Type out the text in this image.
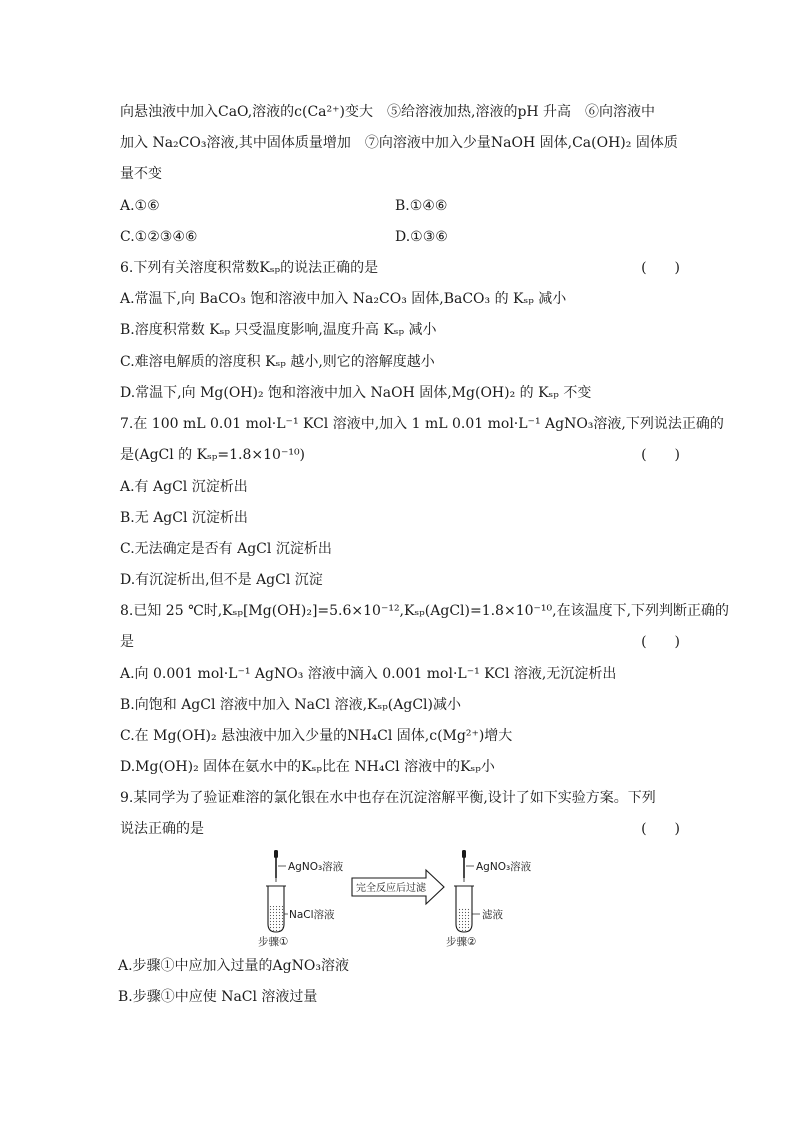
向悬浊液中加入CaO,溶液的c(Ca²⁺)变大　⑤给溶液加热,溶液的pH 升高　⑥向溶液中
加入 Na₂CO₃溶液,其中固体质量增加　⑦向溶液中加入少量NaOH 固体,Ca(OH)₂ 固体质
量不变
A.①⑥	B.①④⑥
C.①②③④⑥	D.①③⑥
6.下列有关溶度积常数Kₛₚ的说法正确的是	(　　)
A.常温下,向 BaCO₃ 饱和溶液中加入 Na₂CO₃ 固体,BaCO₃ 的 Kₛₚ 减小
B.溶度积常数 Kₛₚ 只受温度影响,温度升高 Kₛₚ 减小
C.难溶电解质的溶度积 Kₛₚ 越小,则它的溶解度越小
D.常温下,向 Mg(OH)₂ 饱和溶液中加入 NaOH 固体,Mg(OH)₂ 的 Kₛₚ 不变
7.在 100 mL 0.01 mol·L⁻¹ KCl 溶液中,加入 1 mL 0.01 mol·L⁻¹ AgNO₃溶液,下列说法正确的
是(AgCl 的 Kₛₚ=1.8×10⁻¹⁰)	(　　)
A.有 AgCl 沉淀析出
B.无 AgCl 沉淀析出
C.无法确定是否有 AgCl 沉淀析出
D.有沉淀析出,但不是 AgCl 沉淀
8.已知 25 ℃时,Kₛₚ[Mg(OH)₂]=5.6×10⁻¹²,Kₛₚ(AgCl)=1.8×10⁻¹⁰,在该温度下,下列判断正确的
是	(　　)
A.向 0.001 mol·L⁻¹ AgNO₃ 溶液中滴入 0.001 mol·L⁻¹ KCl 溶液,无沉淀析出
B.向饱和 AgCl 溶液中加入 NaCl 溶液,Kₛₚ(AgCl)减小
C.在 Mg(OH)₂ 悬浊液中加入少量的NH₄Cl 固体,c(Mg²⁺)增大
D.Mg(OH)₂ 固体在氨水中的Kₛₚ比在 NH₄Cl 溶液中的Kₛₚ小
9.某同学为了验证难溶的氯化银在水中也存在沉淀溶解平衡,设计了如下实验方案。下列
说法正确的是	(　　)
AgNO₃溶液
NaCl溶液
步骤①
完全反应后过滤
AgNO₃溶液
滤液
步骤②
A.步骤①中应加入过量的AgNO₃溶液
B.步骤①中应使 NaCl 溶液过量
